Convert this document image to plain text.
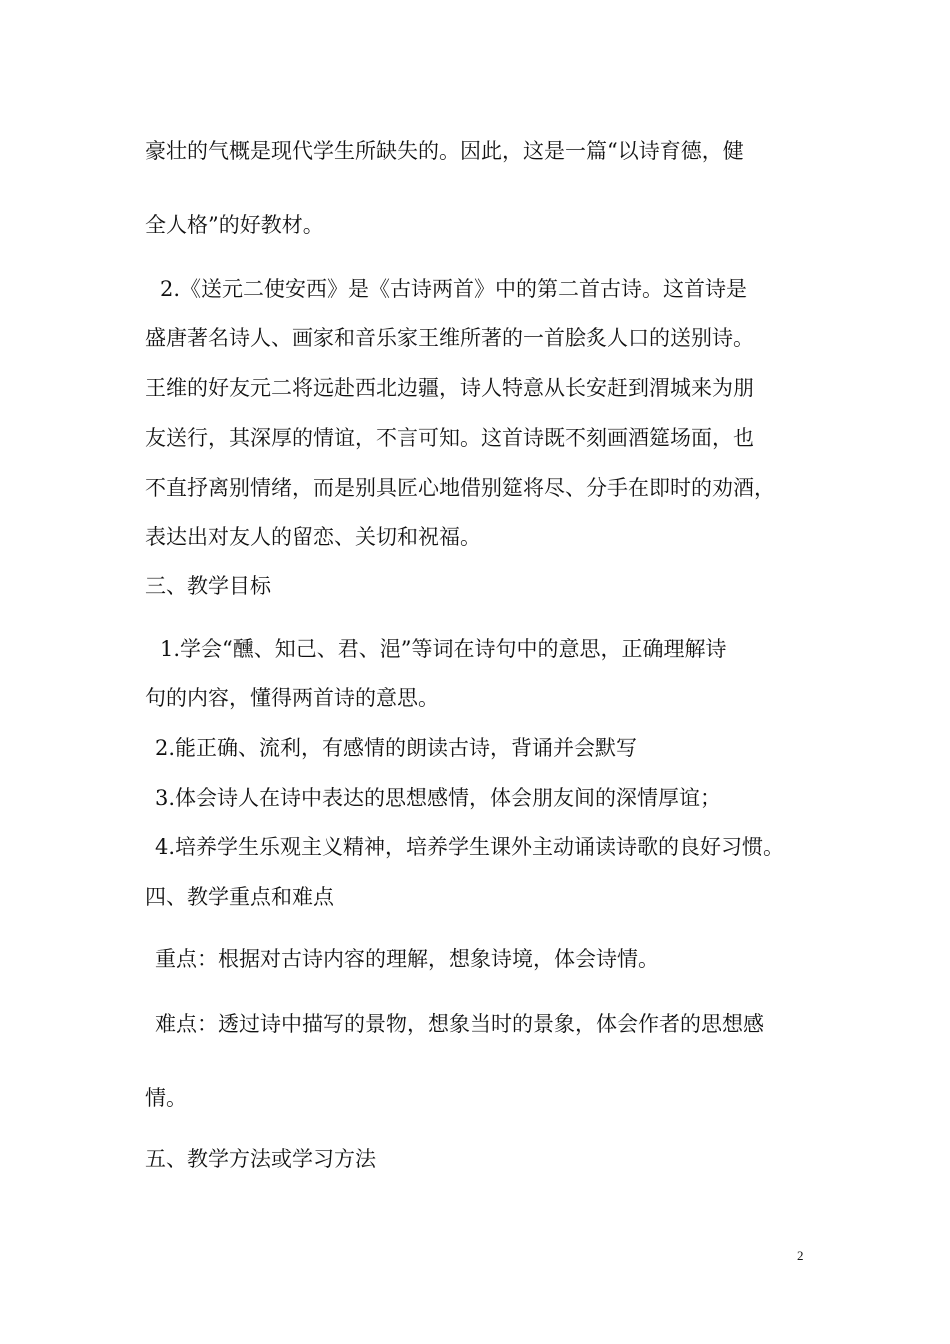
豪壮的气概是现代学生所缺失的。因此，这是一篇“以诗育德，健
全人格”的好教材。
2.《送元二使安西》是《古诗两首》中的第二首古诗。这首诗是
盛唐著名诗人、画家和音乐家王维所著的一首脍炙人口的送别诗。
王维的好友元二将远赴西北边疆，诗人特意从长安赶到渭城来为朋
友送行，其深厚的情谊，不言可知。这首诗既不刻画酒筵场面，也
不直抒离别情绪，而是别具匠心地借别筵将尽、分手在即时的劝酒，
表达出对友人的留恋、关切和祝福。
三、教学目标
1.学会“醺、知己、君、浥”等词在诗句中的意思，正确理解诗
句的内容，懂得两首诗的意思。
2.能正确、流利，有感情的朗读古诗，背诵并会默写
3.体会诗人在诗中表达的思想感情，体会朋友间的深情厚谊；
4.培养学生乐观主义精神，培养学生课外主动诵读诗歌的良好习惯。
四、教学重点和难点
重点：根据对古诗内容的理解，想象诗境，体会诗情。
难点：透过诗中描写的景物，想象当时的景象，体会作者的思想感
情。
五、教学方法或学习方法
2
